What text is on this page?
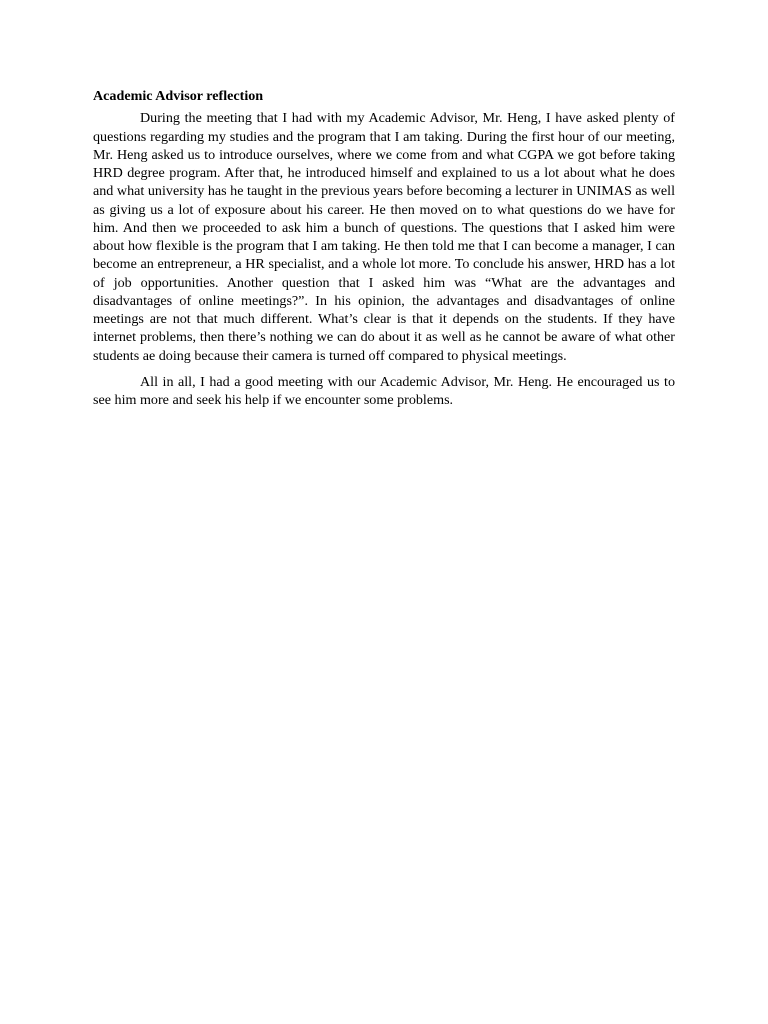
Academic Advisor reflection

During the meeting that I had with my Academic Advisor, Mr. Heng, I have asked plenty of questions regarding my studies and the program that I am taking. During the first hour of our meeting, Mr. Heng asked us to introduce ourselves, where we come from and what CGPA we got before taking HRD degree program. After that, he introduced himself and explained to us a lot about what he does and what university has he taught in the previous years before becoming a lecturer in UNIMAS as well as giving us a lot of exposure about his career. He then moved on to what questions do we have for him. And then we proceeded to ask him a bunch of questions. The questions that I asked him were about how flexible is the program that I am taking. He then told me that I can become a manager, I can become an entrepreneur, a HR specialist, and a whole lot more. To conclude his answer, HRD has a lot of job opportunities. Another question that I asked him was “What are the advantages and disadvantages of online meetings?”. In his opinion, the advantages and disadvantages of online meetings are not that much different. What’s clear is that it depends on the students. If they have internet problems, then there’s nothing we can do about it as well as he cannot be aware of what other students ae doing because their camera is turned off compared to physical meetings.

All in all, I had a good meeting with our Academic Advisor, Mr. Heng. He encouraged us to see him more and seek his help if we encounter some problems.
